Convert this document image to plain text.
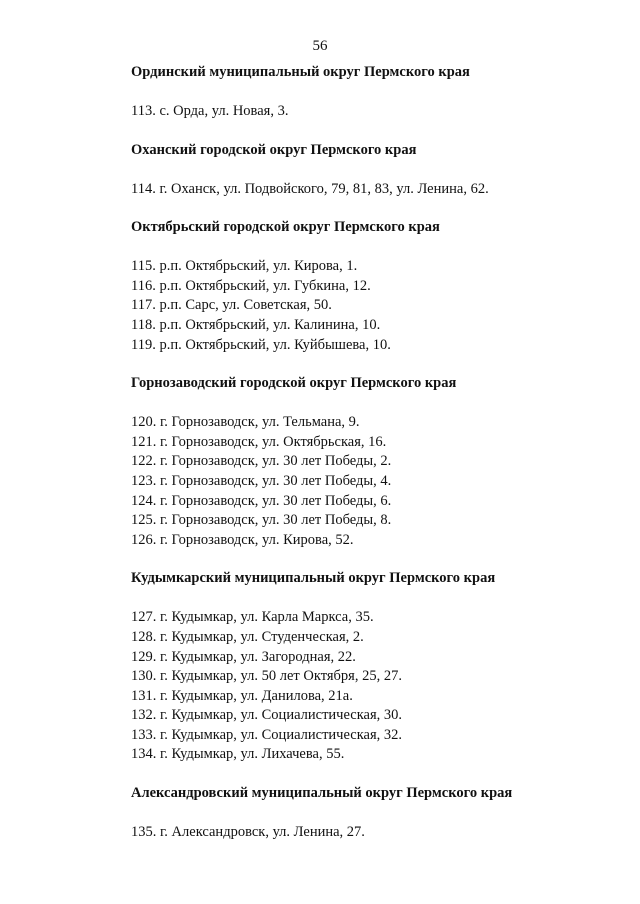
56
Ординский муниципальный округ Пермского края
113. с. Орда, ул. Новая, 3.
Оханский городской округ Пермского края
114. г. Оханск, ул. Подвойского, 79, 81, 83, ул. Ленина, 62.
Октябрьский городской округ Пермского края
115. р.п. Октябрьский, ул. Кирова, 1.
116. р.п. Октябрьский, ул. Губкина, 12.
117. р.п. Сарс, ул. Советская, 50.
118. р.п. Октябрьский, ул. Калинина, 10.
119. р.п. Октябрьский, ул. Куйбышева, 10.
Горнозаводский городской округ Пермского края
120. г. Горнозаводск, ул. Тельмана, 9.
121. г. Горнозаводск, ул. Октябрьская, 16.
122. г. Горнозаводск, ул. 30 лет Победы, 2.
123. г. Горнозаводск, ул. 30 лет Победы, 4.
124. г. Горнозаводск, ул. 30 лет Победы, 6.
125. г. Горнозаводск, ул. 30 лет Победы, 8.
126. г. Горнозаводск, ул. Кирова, 52.
Кудымкарский муниципальный округ Пермского края
127. г. Кудымкар, ул. Карла Маркса, 35.
128. г. Кудымкар, ул. Студенческая, 2.
129. г. Кудымкар, ул. Загородная, 22.
130. г. Кудымкар, ул. 50 лет Октября, 25, 27.
131. г. Кудымкар, ул. Данилова, 21а.
132. г. Кудымкар, ул. Социалистическая, 30.
133. г. Кудымкар, ул. Социалистическая, 32.
134. г. Кудымкар, ул. Лихачева, 55.
Александровский муниципальный округ Пермского края
135. г. Александровск, ул. Ленина, 27.
